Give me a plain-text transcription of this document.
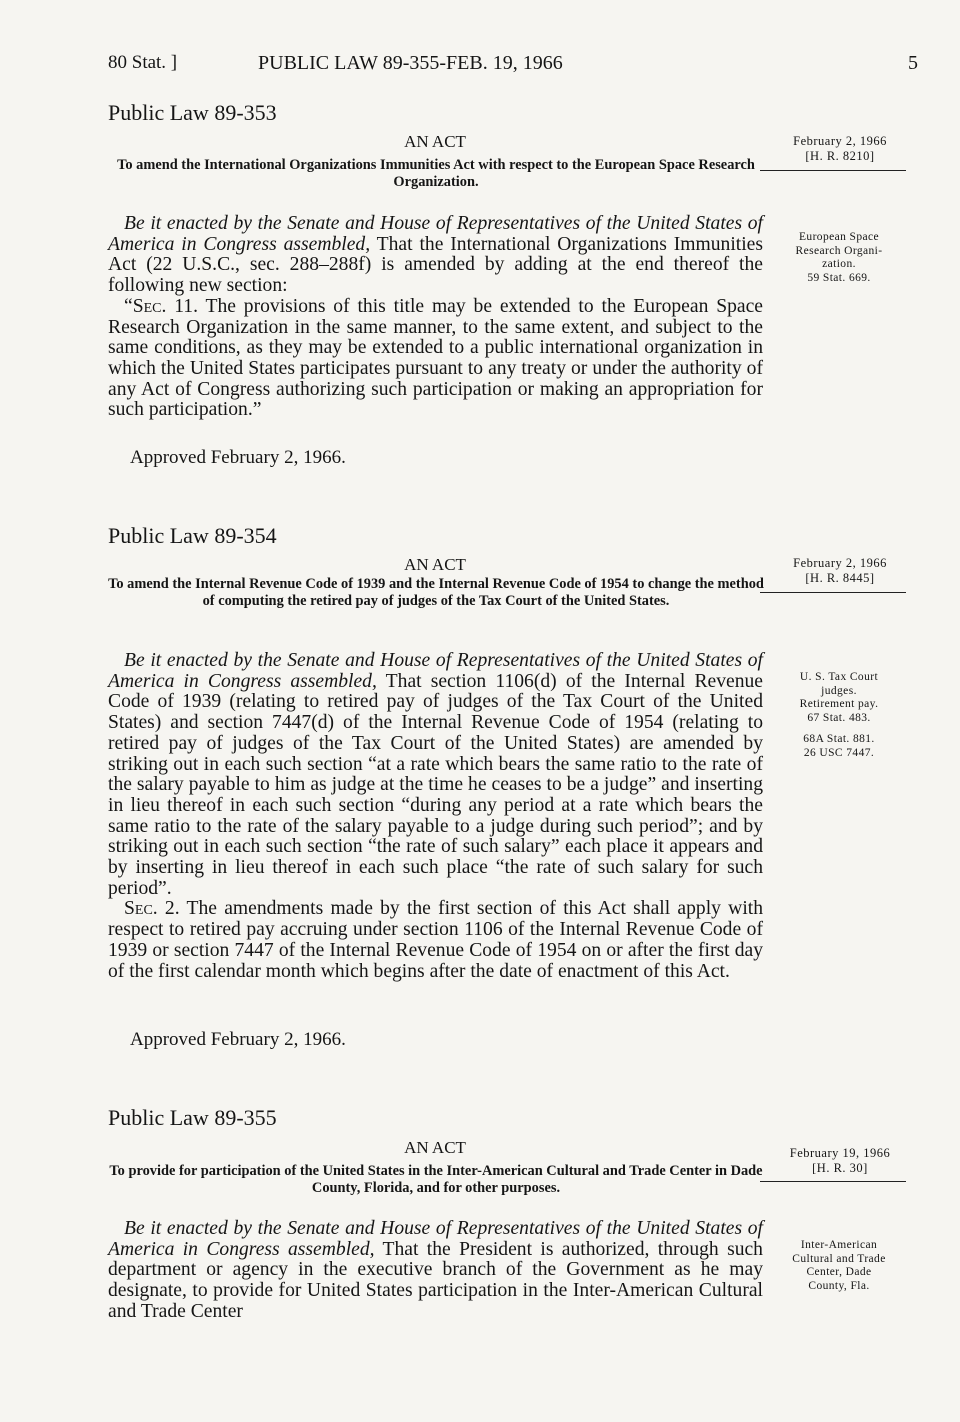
80 Stat. ]	PUBLIC LAW 89-355-FEB. 19, 1966	5
Public Law 89-353
AN ACT
To amend the International Organizations Immunities Act with respect to the European Space Research Organization.
February 2, 1966
[H. R. 8210]

Be it enacted by the Senate and House of Representatives of the United States of America in Congress assembled, That the International Organizations Immunities Act (22 U.S.C., sec. 288–288f) is amended by adding at the end thereof the following new section:

“Sec. 11. The provisions of this title may be extended to the European Space Research Organization in the same manner, to the same extent, and subject to the same conditions, as they may be extended to a public international organization in which the United States participates pursuant to any treaty or under the authority of any Act of Congress authorizing such participation or making an appropriation for such participation.”

Approved February 2, 1966.
European Space
Research Organi-
zation.
59 Stat. 669.
Public Law 89-354
AN ACT
To amend the Internal Revenue Code of 1939 and the Internal Revenue Code of 1954 to change the method of computing the retired pay of judges of the Tax Court of the United States.
February 2, 1966
[H. R. 8445]

Be it enacted by the Senate and House of Representatives of the United States of America in Congress assembled, That section 1106(d) of the Internal Revenue Code of 1939 (relating to retired pay of judges of the Tax Court of the United States) and section 7447(d) of the Internal Revenue Code of 1954 (relating to retired pay of judges of the Tax Court of the United States) are amended by striking out in each such section “at a rate which bears the same ratio to the rate of the salary payable to him as judge at the time he ceases to be a judge” and inserting in lieu thereof in each such section “during any period at a rate which bears the same ratio to the rate of the salary payable to a judge during such period”; and by striking out in each such section “the rate of such salary” each place it appears and by inserting in lieu thereof in each such place “the rate of such salary for such period”.

Sec. 2. The amendments made by the first section of this Act shall apply with respect to retired pay accruing under section 1106 of the Internal Revenue Code of 1939 or section 7447 of the Internal Revenue Code of 1954 on or after the first day of the first calendar month which begins after the date of enactment of this Act.

Approved February 2, 1966.
U. S. Tax Court
judges.
Retirement pay.
67 Stat. 483.
68A Stat. 881.
26 USC 7447.
Public Law 89-355
AN ACT
To provide for participation of the United States in the Inter-American Cultural and Trade Center in Dade County, Florida, and for other purposes.
February 19, 1966
[H. R. 30]

Be it enacted by the Senate and House of Representatives of the United States of America in Congress assembled, That the President is authorized, through such department or agency in the executive branch of the Government as he may designate, to provide for United States participation in the Inter-American Cultural and Trade Center

Inter-American
Cultural and Trade
Center, Dade
County, Fla.
